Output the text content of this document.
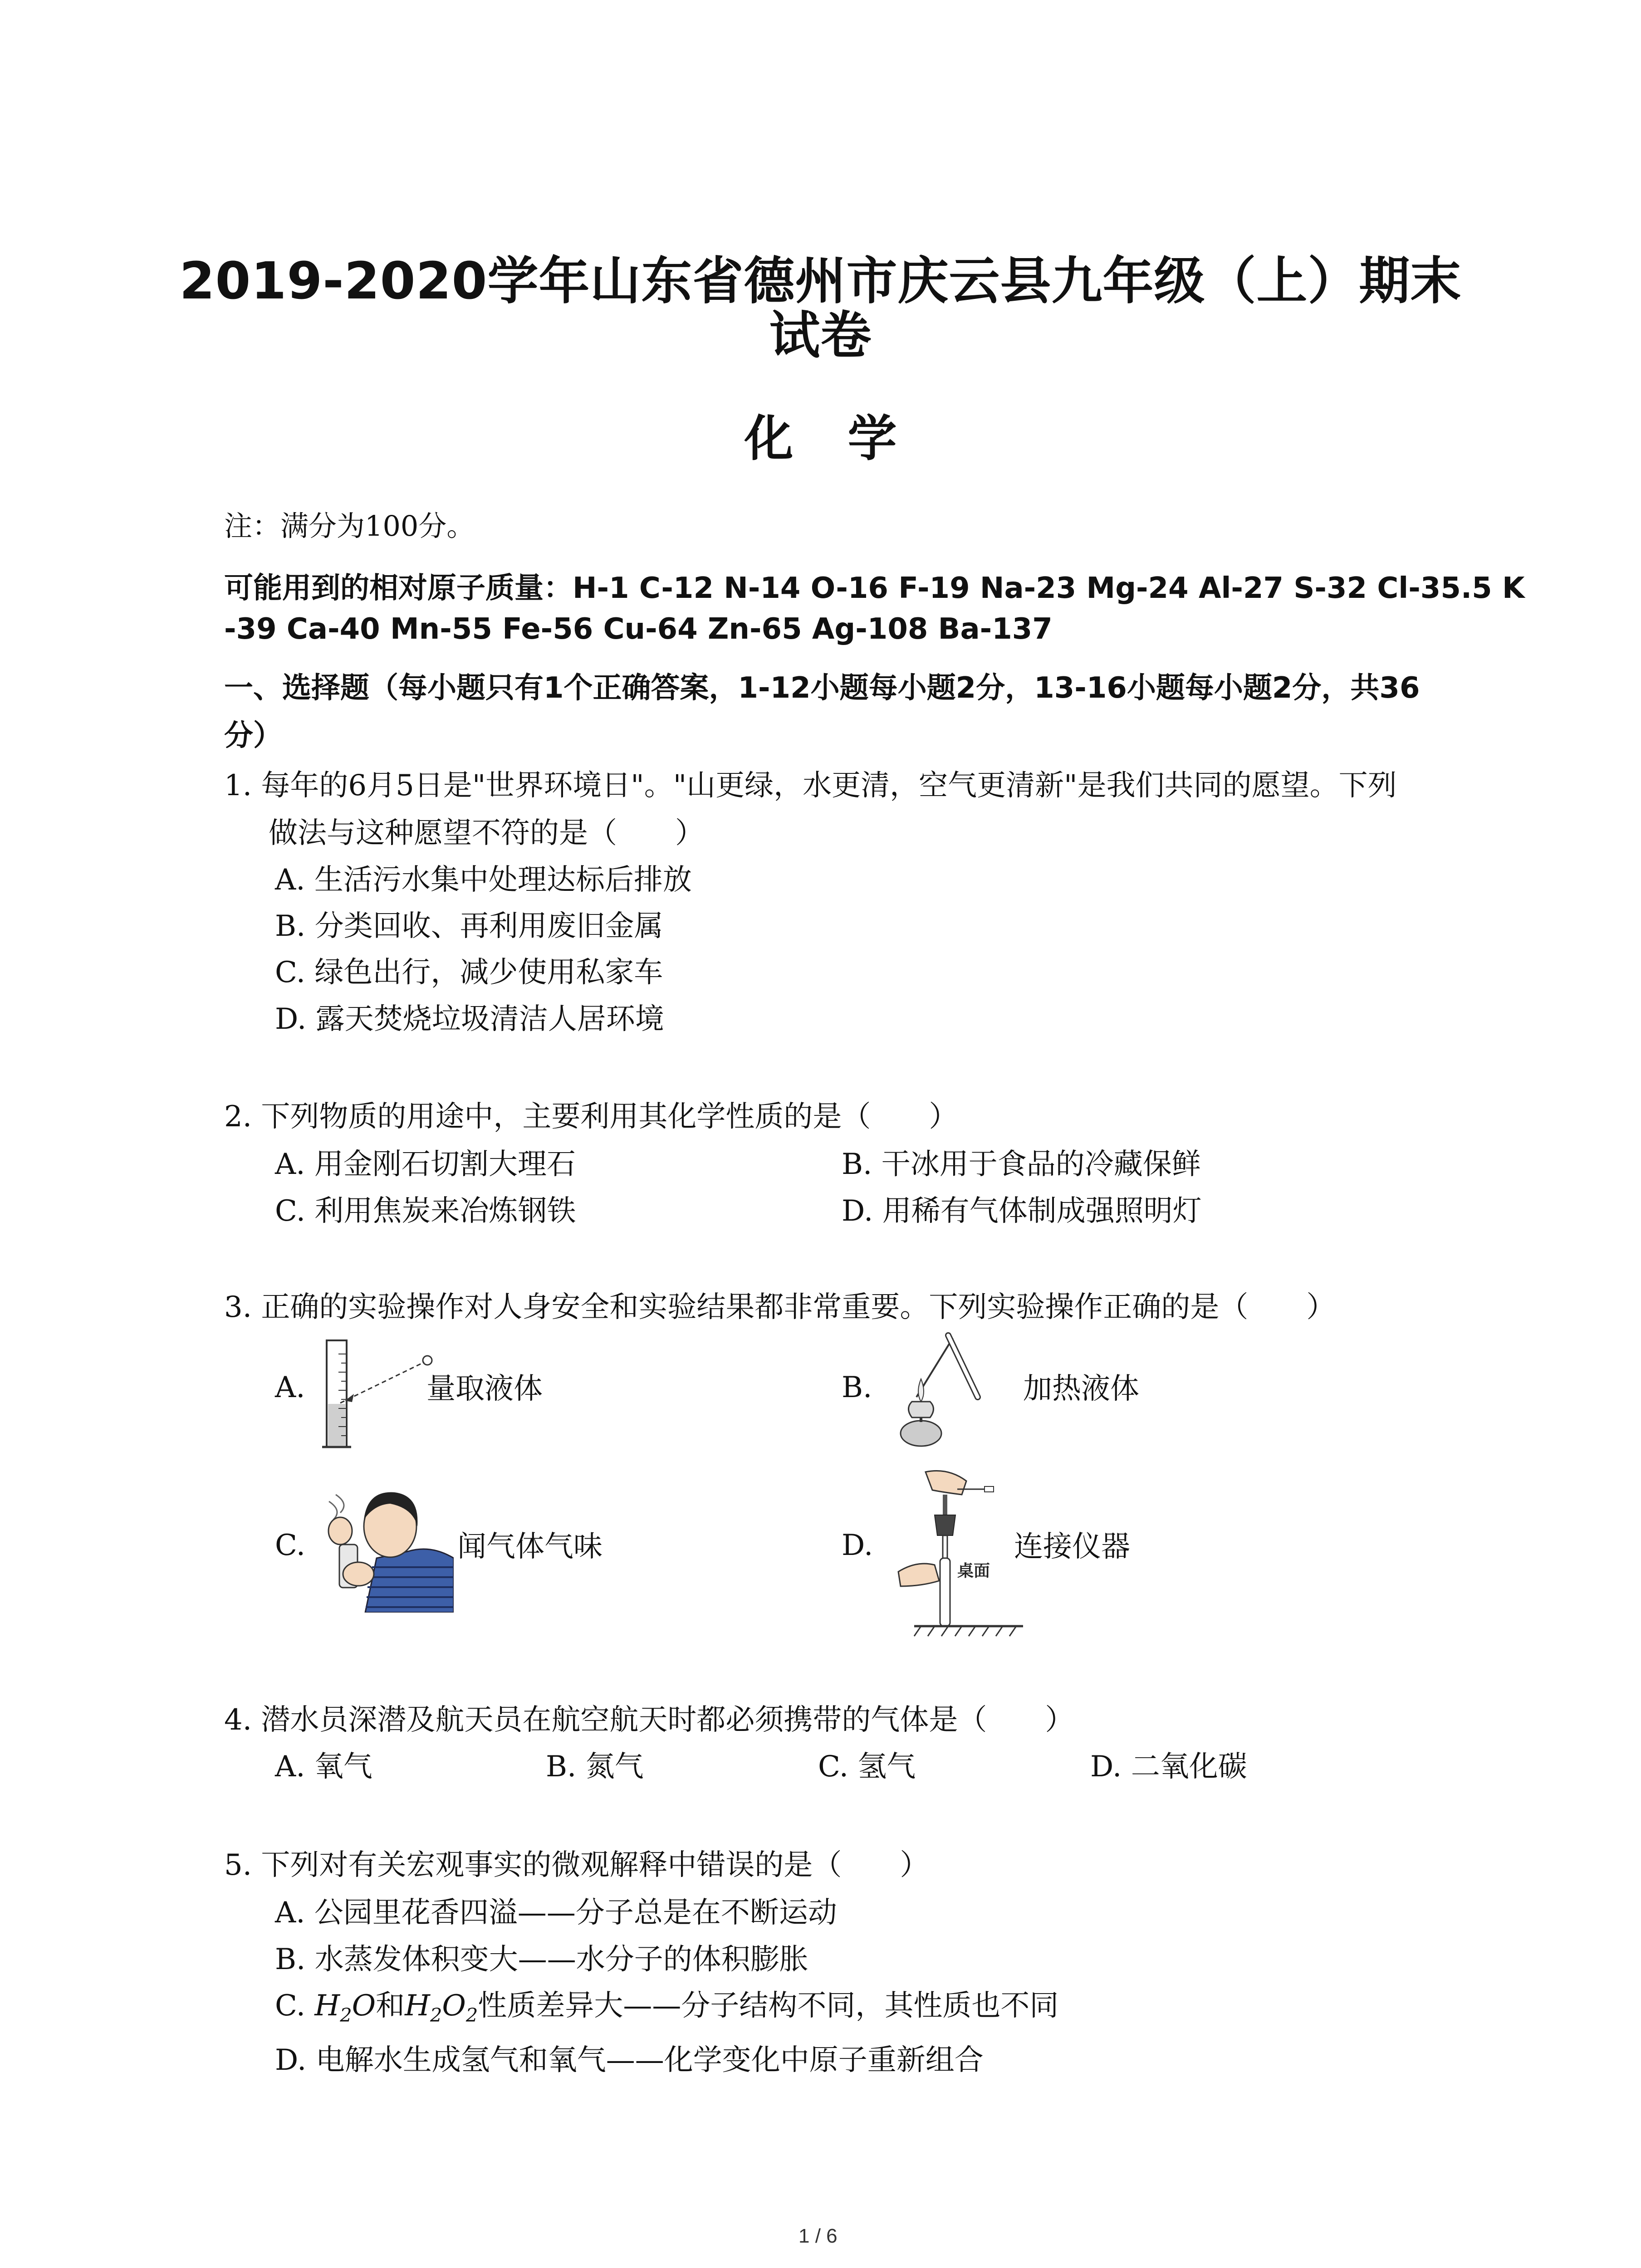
2019-2020学年山东省德州市庆云县九年级（上）期末
试卷
化学
注：满分为100分。
可能用到的相对原子质量：H-1 C-12 N-14 O-16 F-19 Na-23 Mg-24 Al-27 S-32 Cl-35.5 K
-39 Ca-40 Mn-55 Fe-56 Cu-64 Zn-65 Ag-108 Ba-137
一、选择题（每小题只有1个正确答案，1-12小题每小题2分，13-16小题每小题2分，共36
分）
1. 每年的6月5日是"世界环境日"。"山更绿，水更清，空气更清新"是我们共同的愿望。下列
做法与这种愿望不符的是（　　）
A. 生活污水集中处理达标后排放
B. 分类回收、再利用废旧金属
C. 绿色出行，减少使用私家车
D. 露天焚烧垃圾清洁人居环境
2. 下列物质的用途中，主要利用其化学性质的是（　　）
A. 用金刚石切割大理石	B. 干冰用于食品的冷藏保鲜
C. 利用焦炭来冶炼钢铁	D. 用稀有气体制成强照明灯
3. 正确的实验操作对人身安全和实验结果都非常重要。下列实验操作正确的是（　　）
A.	量取液体	B.	加热液体
C.	闻气体气味	D.
桌面
连接仪器
4. 潜水员深潜及航天员在航空航天时都必须携带的气体是（　　）
A. 氧气	B. 氮气	C. 氢气	D. 二氧化碳
5. 下列对有关宏观事实的微观解释中错误的是（　　）
A. 公园里花香四溢——分子总是在不断运动
B. 水蒸发体积变大——水分子的体积膨胀
C. $H_2O$和$H_2O_2$性质差异大——分子结构不同，其性质也不同
D. 电解水生成氢气和氧气——化学变化中原子重新组合
1 / 6
